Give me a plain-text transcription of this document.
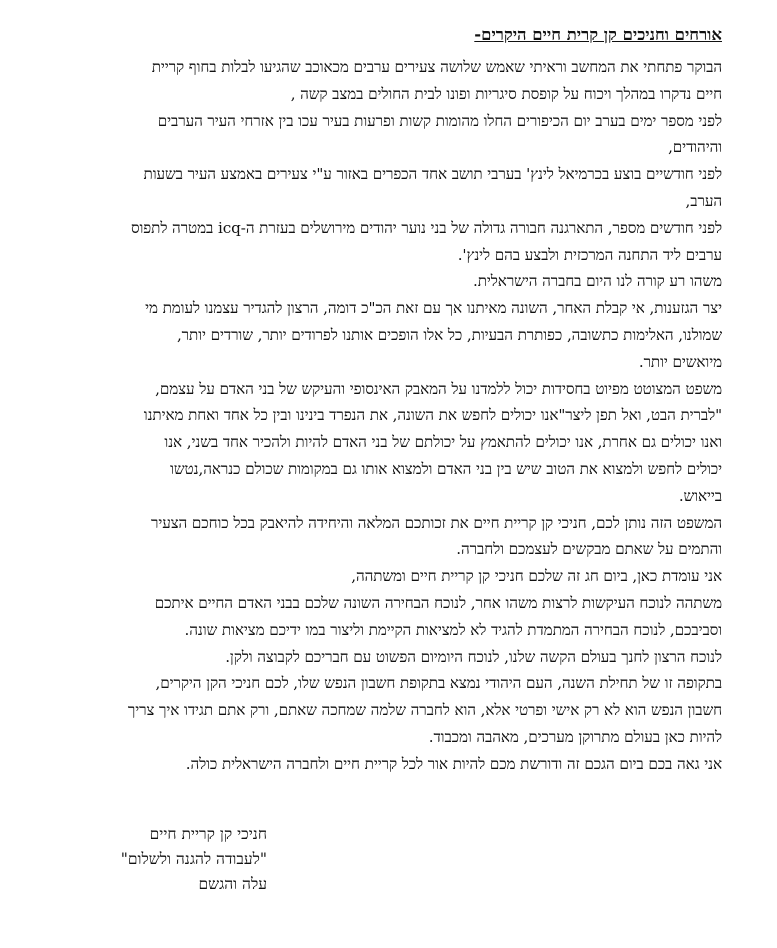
אורחים וחניכים קן קרית חיים היקרים-
הבוקר פתחתי את המחשב וראיתי שאמש שלושה צעירים ערבים מכאוכב שהגיעו לבלות בחוף קריית
חיים נדקרו במהלך ויכוח על קופסת סיגריות ופונו לבית החולים במצב קשה ,
לפני מספר ימים בערב יום הכיפורים החלו מהומות קשות ופרעות בעיר עכו בין אזרחי העיר הערבים
והיהודים,
לפני חודשיים בוצע בכרמיאל לינץ' בערבי תושב אחד הכפרים באזור ע"י צעירים באמצע העיר בשעות
הערב,
לפני חודשים מספר, התארגנה חבורה גדולה של בני נוער יהודים מירושלים בעזרת ה-icq במטרה לתפוס
ערבים ליד התחנה המרכזית ולבצע בהם לינץ'.
משהו רע קורה לנו היום בחברה הישראלית.
יצר הגזענות, אי קבלת האחר, השונה מאיתנו אך עם זאת הכ"כ דומה, הרצון להגדיר עצמנו לעומת מי
שמולנו, האלימות כתשובה, כפותרת הבעיות, כל אלו הופכים אותנו לפרודים יותר, שורדים יותר,
מיואשים יותר.
משפט המצוטט מפיוט בחסידות יכול ללמדנו על המאבק האינסופי והעיקש של בני האדם על עצמם,
"לברית הבט, ואל תפן ליצר"אנו יכולים לחפש את השונה, את הנפרד בינינו ובין כל אחד ואחת מאיתנו
ואנו יכולים גם אחרת, אנו יכולים להתאמץ על יכולתם של בני האדם להיות ולהכיר אחד בשני, אנו
יכולים לחפש ולמצוא את הטוב שיש בין בני האדם ולמצוא אותו גם במקומות שכולם כנראה,נטשו
בייאוש.
המשפט הזה נותן לכם, חניכי קן קריית חיים את זכותכם המלאה והיחידה להיאבק בכל כוחכם הצעיר
והתמים על שאתם מבקשים לעצמכם ולחברה.
אני עומדת כאן, ביום חג זה שלכם חניכי קן קריית חיים ומשתהה,
משתהה לנוכח העיקשות לרצות משהו אחר, לנוכח הבחירה השונה שלכם בבני האדם החיים איתכם
וסביבכם, לנוכח הבחירה המתמדת להגיד לא למציאות הקיימת וליצור במו ידיכם מציאות שונה.
לנוכח הרצון לחנך בעולם הקשה שלנו, לנוכח היומיום הפשוט עם חבריכם לקבוצה ולקן.
בתקופה זו של תחילת השנה, העם היהודי נמצא בתקופת חשבון הנפש שלו, לכם חניכי הקן היקרים,
חשבון הנפש הוא לא רק אישי ופרטי אלא, הוא לחברה שלמה שמחכה שאתם, ורק אתם תגידו איך צריך
להיות כאן בעולם מתרוקן מערכים, מאהבה ומכבוד.
אני גאה בכם ביום הגכם זה ודורשת מכם להיות אור לכל קריית חיים ולחברה הישראלית כולה.
חניכי קן קריית חיים
"לעבודה להגנה ולשלום"
עלה והגשם
